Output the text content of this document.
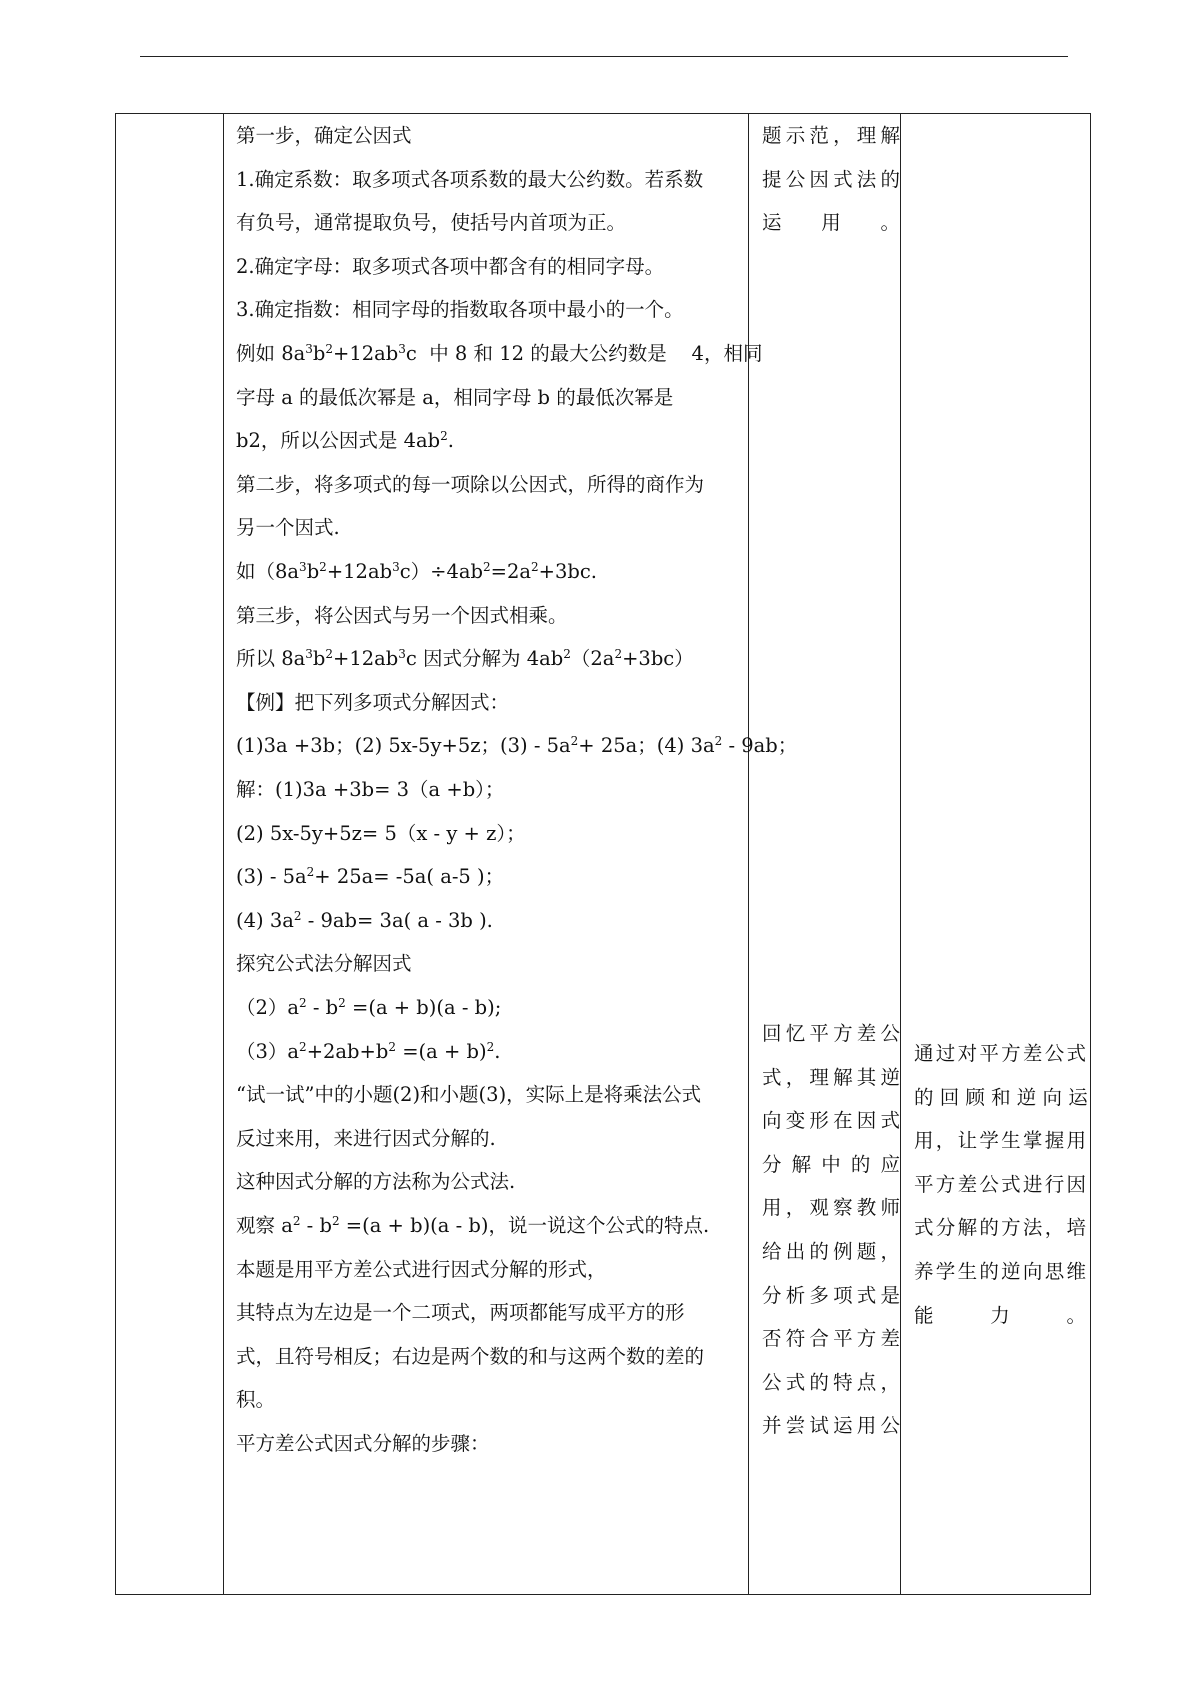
第一步，确定公因式
1.确定系数：取多项式各项系数的最大公约数。若系数
有负号，通常提取负号，使括号内首项为正。
2.确定字母：取多项式各项中都含有的相同字母。
3.确定指数：相同字母的指数取各项中最小的一个。
例如 $8a^3b^2+12ab^3c$  中 8 和 12 的最大公约数是    4，相同
字母 a 的最低次幂是 a，相同字母 b 的最低次幂是
b2，所以公因式是 $4ab^2$.
第二步，将多项式的每一项除以公因式，所得的商作为
另一个因式.
如$(8a^3b^2+12ab^3c)\div 4ab^2=2a^2+3bc$.
第三步，将公因式与另一个因式相乘。
所以 $8a^3b^2+12ab^3c$ 因式分解为 $4ab^2(2a^2+3bc)$
【例】把下列多项式分解因式：
(1)3a +3b；(2) 5x-5y+5z；$(3) - 5a^2+ 25a$；(4) $3a^2 - 9ab$；
解：(1)3a +3b= 3（a +b）；
(2) 5x-5y+5z= 5（x - y + z）；
$(3) - 5a^2+ 25a= -5a$( a-5 )；
(4) $3a^2 - 9ab= 3a$( a - 3b ).
探究公式法分解因式
$(2)a^2 - b^2 =(a + b)(a - b)$;
$(3)a^2+2ab+b^2 =(a + b)^2$.
“试一试”中的小题(2)和小题(3)，实际上是将乘法公式
反过来用，来进行因式分解的.
这种因式分解的方法称为公式法.
观察 $a^2 - b^2 =(a + b)(a - b)$，说一说这个公式的特点.
本题是用平方差公式进行因式分解的形式，
其特点为左边是一个二项式，两项都能写成平方的形
式，且符号相反；右边是两个数的和与这两个数的差的
积。
平方差公式因式分解的步骤：
题示范，理解
提公因式法的
运用。
回忆平方差公
式，理解其逆
向变形在因式
分 解 中 的 应
用，观察教师
给出的例题，
分析多项式是
否符合平方差
公式的特点，
并尝试运用公
通过对平方差公式
的 回 顾 和 逆 向 运
用，让学生掌握用
平方差公式进行因
式分解的方法，培
养学生的逆向思维
能力。
